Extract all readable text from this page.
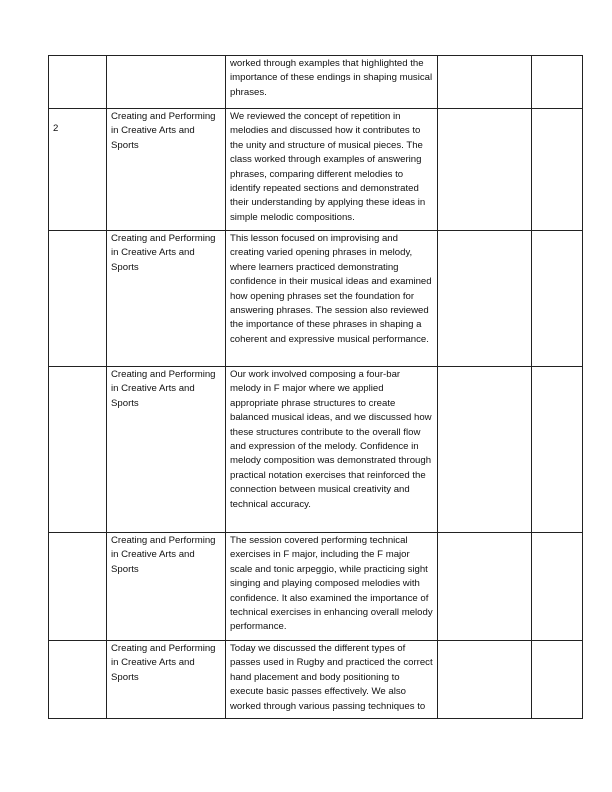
		worked through examples that highlighted the importance of these endings in shaping musical phrases.		

2	Creating and Performing in Creative Arts and Sports	We reviewed the concept of repetition in melodies and discussed how it contributes to the unity and structure of musical pieces. The class worked through examples of answering phrases, comparing different melodies to identify repeated sections and demonstrated their understanding by applying these ideas in simple melodic compositions.		

	Creating and Performing in Creative Arts and Sports	This lesson focused on improvising and creating varied opening phrases in melody, where learners practiced demonstrating confidence in their musical ideas and examined how opening phrases set the foundation for answering phrases. The session also reviewed the importance of these phrases in shaping a coherent and expressive musical performance.		

	Creating and Performing in Creative Arts and Sports	Our work involved composing a four-bar melody in F major where we applied appropriate phrase structures to create balanced musical ideas, and we discussed how these structures contribute to the overall flow and expression of the melody. Confidence in melody composition was demonstrated through practical notation exercises that reinforced the connection between musical creativity and technical accuracy.		

	Creating and Performing in Creative Arts and Sports	The session covered performing technical exercises in F major, including the F major scale and tonic arpeggio, while practicing sight singing and playing composed melodies with confidence. It also examined the importance of technical exercises in enhancing overall melody performance.		

	Creating and Performing in Creative Arts and Sports	Today we discussed the different types of passes used in Rugby and practiced the correct hand placement and body positioning to execute basic passes effectively. We also worked through various passing techniques to		
